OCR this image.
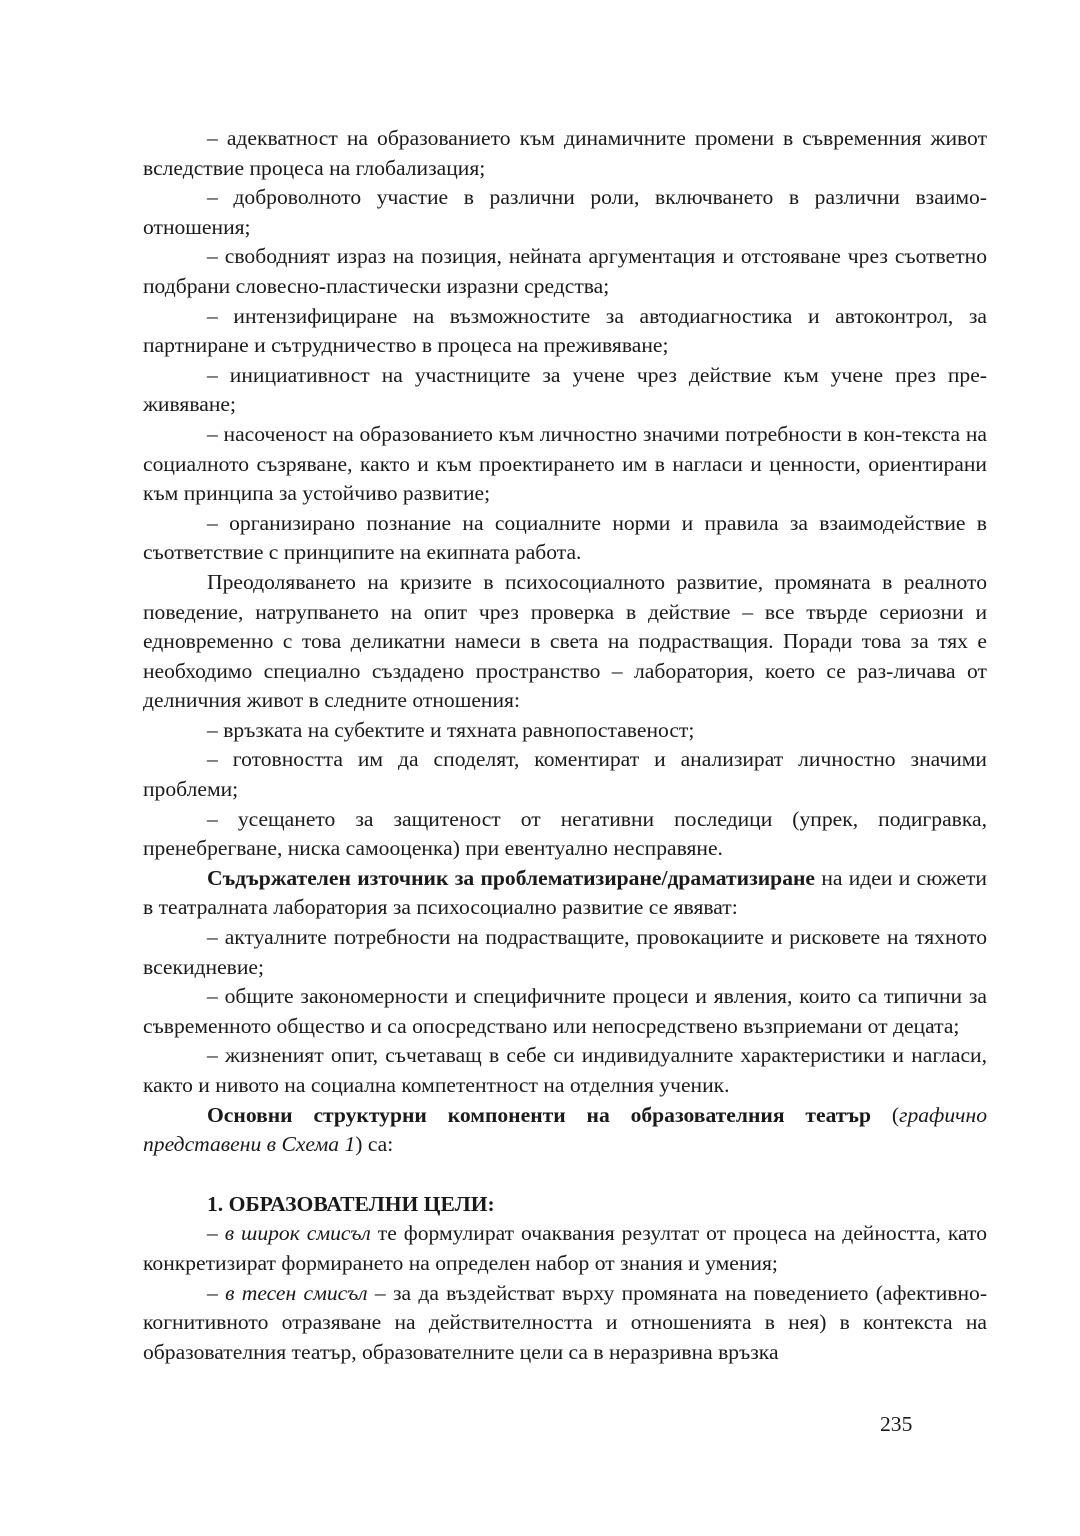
– адекватност на образованието към динамичните промени в съвременния живот вследствие процеса на глобализация;

– доброволното участие в различни роли, включването в различни взаимо-отношения;

– свободният израз на позиция, нейната аргументация и отстояване чрез съответно подбрани словесно-пластически изразни средства;

– интензифициране на възможностите за автодиагностика и автоконтрол, за партниране и сътрудничество в процеса на преживяване;

– инициативност на участниците за учене чрез действие към учене през пре-живяване;

– насоченост на образованието към личностно значими потребности в кон-текста на социалното съзряване, както и към проектирането им в нагласи и ценности, ориентирани към принципа за устойчиво развитие;

– организирано познание на социалните норми и правила за взаимодействие в съответствие с принципите на екипната работа.

Преодоляването на кризите в психосоциалното развитие, промяната в реалното поведение, натрупването на опит чрез проверка в действие – все твърде сериозни и едновременно с това деликатни намеси в света на подрастващия. Поради това за тях е необходимо специално създадено пространство – лаборатория, което се раз-личава от делничния живот в следните отношения:

– връзката на субектите и тяхната равнопоставеност;

– готовността им да споделят, коментират и анализират личностно значими проблеми;

– усещането за защитеност от негативни последици (упрек, подигравка, пренебрегване, ниска самооценка) при евентуално несправяне.

Съдържателен източник за проблематизиране/драматизиране на идеи и сюжети в театралната лаборатория за психосоциално развитие се явяват:

– актуалните потребности на подрастващите, провокациите и рисковете на тяхното всекидневие;

– общите закономерности и специфичните процеси и явления, които са типични за съвременното общество и са опосредствано или непосредствено възприемани от децата;

– жизненият опит, съчетаващ в себе си индивидуалните характеристики и нагласи, както и нивото на социална компетентност на отделния ученик.

Основни структурни компоненти на образователния театър (графично представени в Схема 1) са:

1. ОБРАЗОВАТЕЛНИ ЦЕЛИ:

– в широк смисъл те формулират очаквания резултат от процеса на дейността, като конкретизират формирането на определен набор от знания и умения;

– в тесен смисъл – за да въздействат върху промяната на поведението (афективно-когнитивното отразяване на действителността и отношенията в нея) в контекста на образователния театър, образователните цели са в неразривна връзка

235
